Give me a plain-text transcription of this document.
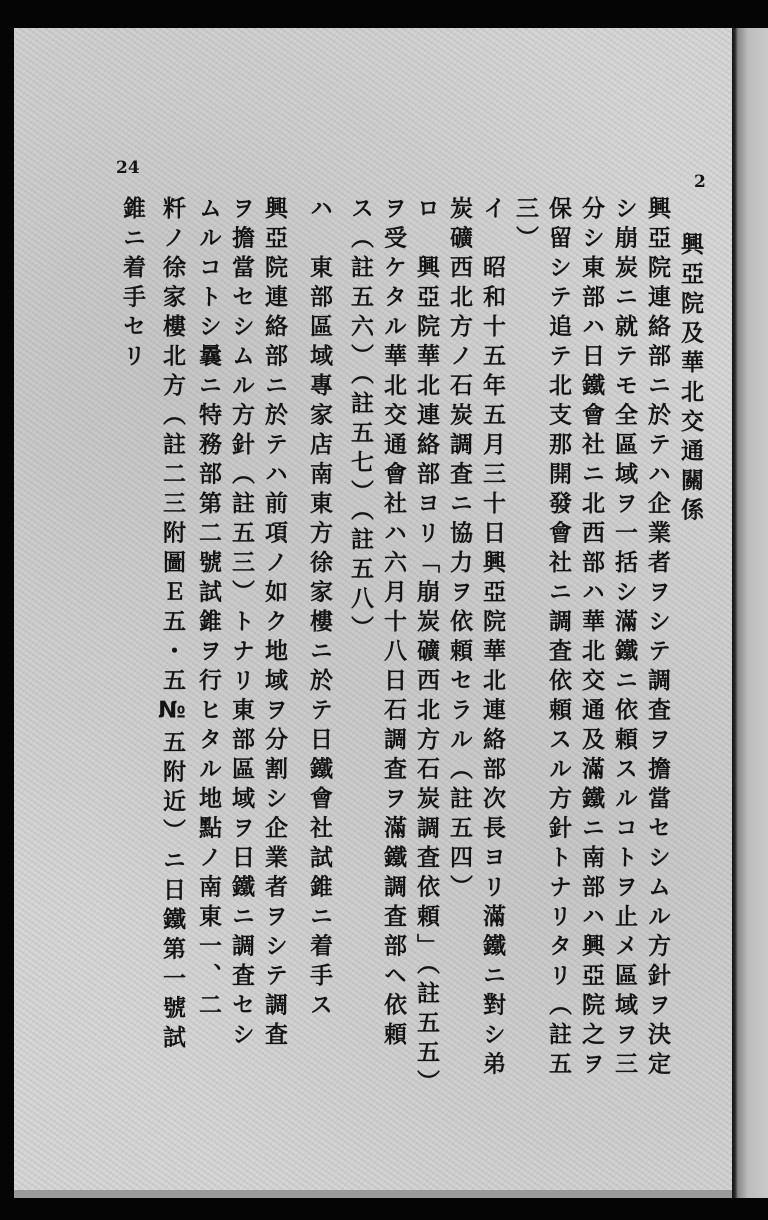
24
2
興亞院及華北交通關係
興亞院連絡部ニ於テハ企業者ヲシテ調査ヲ擔當セシムル方針ヲ決定
シ崩炭ニ就テモ全區域ヲ一括シ滿鐵ニ依頼スルコトヲ止メ區域ヲ三
分シ東部ハ日鐵會社ニ北西部ハ華北交通及滿鐵ニ南部ハ興亞院之ヲ
保留シテ追テ北支那開發會社ニ調査依頼スル方針トナリタリ（註五
三）
イ　昭和十五年五月三十日興亞院華北連絡部次長ヨリ滿鐵ニ對シ弟
炭礦西北方ノ石炭調査ニ協力ヲ依頼セラル（註五四）
ロ　興亞院華北連絡部ヨリ「崩炭礦西北方石炭調査依頼」（註五五）
ヲ受ケタル華北交通會社ハ六月十八日石調査ヲ滿鐵調査部ヘ依頼
ス（註五六）（註五七）（註五八）
ハ　東部區域專家店南東方徐家樓ニ於テ日鐵會社試錐ニ着手ス
興亞院連絡部ニ於テハ前項ノ如ク地域ヲ分割シ企業者ヲシテ調査
ヲ擔當セシムル方針（註五三）トナリ東部區域ヲ日鐵ニ調査セシ
ムルコトシ曩ニ特務部第二號試錐ヲ行ヒタル地點ノ南東一、二
粁ノ徐家樓北方（註二三附圖Ｅ五・五№五附近）ニ日鐵第一號試
錐ニ着手セリ
